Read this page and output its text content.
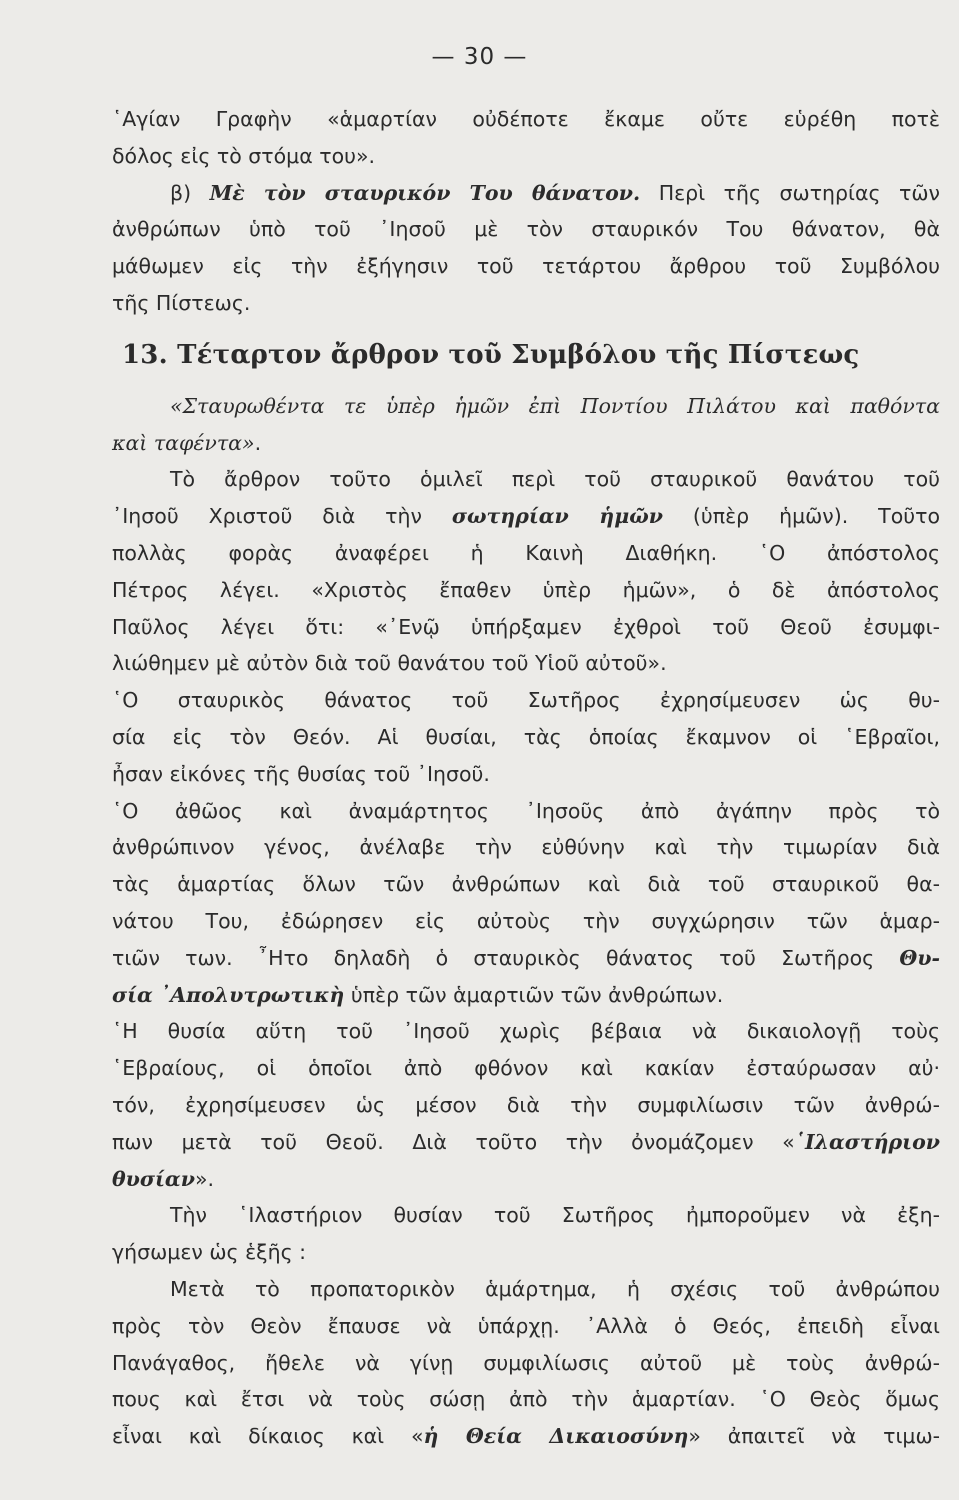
— 30 —
῾Αγίαν Γραφὴν «ἁμαρτίαν οὐδέποτε ἔκαμε οὔτε εὑρέθη ποτὲ
δόλος εἰς τὸ στόμα του».
β) Μὲ τὸν σταυρικόν Του θάνατον. Περὶ τῆς σωτηρίας τῶν
ἀνθρώπων ὑπὸ τοῦ ᾿Ιησοῦ μὲ τὸν σταυρικόν Του θάνατον, θὰ
μάθωμεν εἰς τὴν ἐξήγησιν τοῦ τετάρτου ἄρθρου τοῦ Συμβόλου
τῆς Πίστεως.
13. Τέταρτον ἄρθρον τοῦ Συμβόλου τῆς Πίστεως
«Σταυρωθέντα τε ὑπὲρ ἡμῶν ἐπὶ Ποντίου Πιλάτου καὶ παθόντα
καὶ ταφέντα».
Τὸ ἄρθρον τοῦτο ὁμιλεῖ περὶ τοῦ σταυρικοῦ θανάτου τοῦ
᾿Ιησοῦ Χριστοῦ διὰ τὴν σωτηρίαν ἡμῶν (ὑπὲρ ἡμῶν). Τοῦτο
πολλὰς φορὰς ἀναφέρει ἡ Καινὴ Διαθήκη. ῾Ο ἀπόστολος
Πέτρος λέγει. «Χριστὸς ἔπαθεν ὑπὲρ ἡμῶν», ὁ δὲ ἀπόστολος
Παῦλος λέγει ὅτι: «᾿Ενῷ ὑπήρξαμεν ἐχθροὶ τοῦ Θεοῦ ἐσυμφι-
λιώθημεν μὲ αὐτὸν διὰ τοῦ θανάτου τοῦ Υἱοῦ αὐτοῦ».
῾Ο σταυρικὸς θάνατος τοῦ Σωτῆρος ἐχρησίμευσεν ὡς θυ-
σία εἰς τὸν Θεόν. Αἱ θυσίαι, τὰς ὁποίας ἔκαμνον οἱ ῾Εβραῖοι,
ἦσαν εἰκόνες τῆς θυσίας τοῦ ᾿Ιησοῦ.
῾Ο ἀθῶος καὶ ἀναμάρτητος ᾿Ιησοῦς ἀπὸ ἀγάπην πρὸς τὸ
ἀνθρώπινον γένος, ἀνέλαβε τὴν εὐθύνην καὶ τὴν τιμωρίαν διὰ
τὰς ἁμαρτίας ὅλων τῶν ἀνθρώπων καὶ διὰ τοῦ σταυρικοῦ θα-
νάτου Του, ἐδώρησεν εἰς αὐτοὺς τὴν συγχώρησιν τῶν ἁμαρ-
τιῶν των. ῏Ητο δηλαδὴ ὁ σταυρικὸς θάνατος τοῦ Σωτῆρος Θυ-
σία ᾿Απολυτρωτικὴ ὑπὲρ τῶν ἁμαρτιῶν τῶν ἀνθρώπων.
῾Η θυσία αὕτη τοῦ ᾿Ιησοῦ χωρὶς βέβαια νὰ δικαιολογῇ τοὺς
῾Εβραίους, οἱ ὁποῖοι ἀπὸ φθόνον καὶ κακίαν ἐσταύρωσαν αὐ·
τόν, ἐχρησίμευσεν ὡς μέσον διὰ τὴν συμφιλίωσιν τῶν ἀνθρώ-
πων μετὰ τοῦ Θεοῦ. Διὰ τοῦτο τὴν ὀνομάζομεν «῾Ιλαστήριον
θυσίαν».
Τὴν ῾Ιλαστήριον θυσίαν τοῦ Σωτῆρος ἠμποροῦμεν νὰ ἐξη-
γήσωμεν ὡς ἑξῆς :
Μετὰ τὸ προπατορικὸν ἁμάρτημα, ἡ σχέσις τοῦ ἀνθρώπου
πρὸς τὸν Θεὸν ἔπαυσε νὰ ὑπάρχῃ. ᾿Αλλὰ ὁ Θεός, ἐπειδὴ εἶναι
Πανάγαθος, ἤθελε νὰ γίνῃ συμφιλίωσις αὐτοῦ μὲ τοὺς ἀνθρώ-
πους καὶ ἔτσι νὰ τοὺς σώσῃ ἀπὸ τὴν ἁμαρτίαν. ῾Ο Θεὸς ὅμως
εἶναι καὶ δίκαιος καὶ «ἡ Θεία Δικαιοσύνη» ἀπαιτεῖ νὰ τιμω-
